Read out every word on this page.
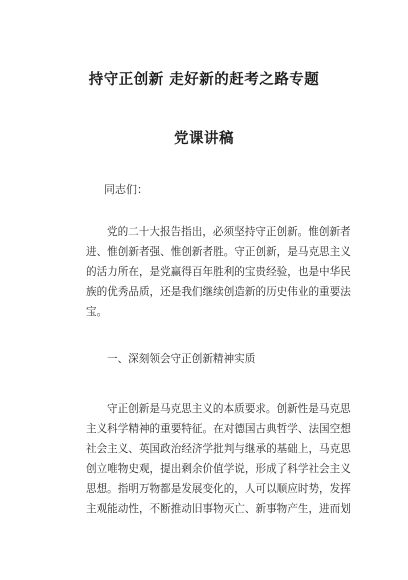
持守正创新 走好新的赶考之路专题
党课讲稿
同志们：
党的二十大报告指出，必须坚持守正创新。惟创新者
进、惟创新者强、惟创新者胜。守正创新，是马克思主义
的活力所在，是党赢得百年胜利的宝贵经验，也是中华民
族的优秀品质，还是我们继续创造新的历史伟业的重要法
宝。
一、深刻领会守正创新精神实质
守正创新是马克思主义的本质要求。创新性是马克思
主义科学精神的重要特征。在对德国古典哲学、法国空想
社会主义、英国政治经济学批判与继承的基础上，马克思
创立唯物史观，提出剩余价值学说，形成了科学社会主义
思想。指明万物都是发展变化的，人可以顺应时势，发挥
主观能动性，不断推动旧事物灭亡、新事物产生，进而划
